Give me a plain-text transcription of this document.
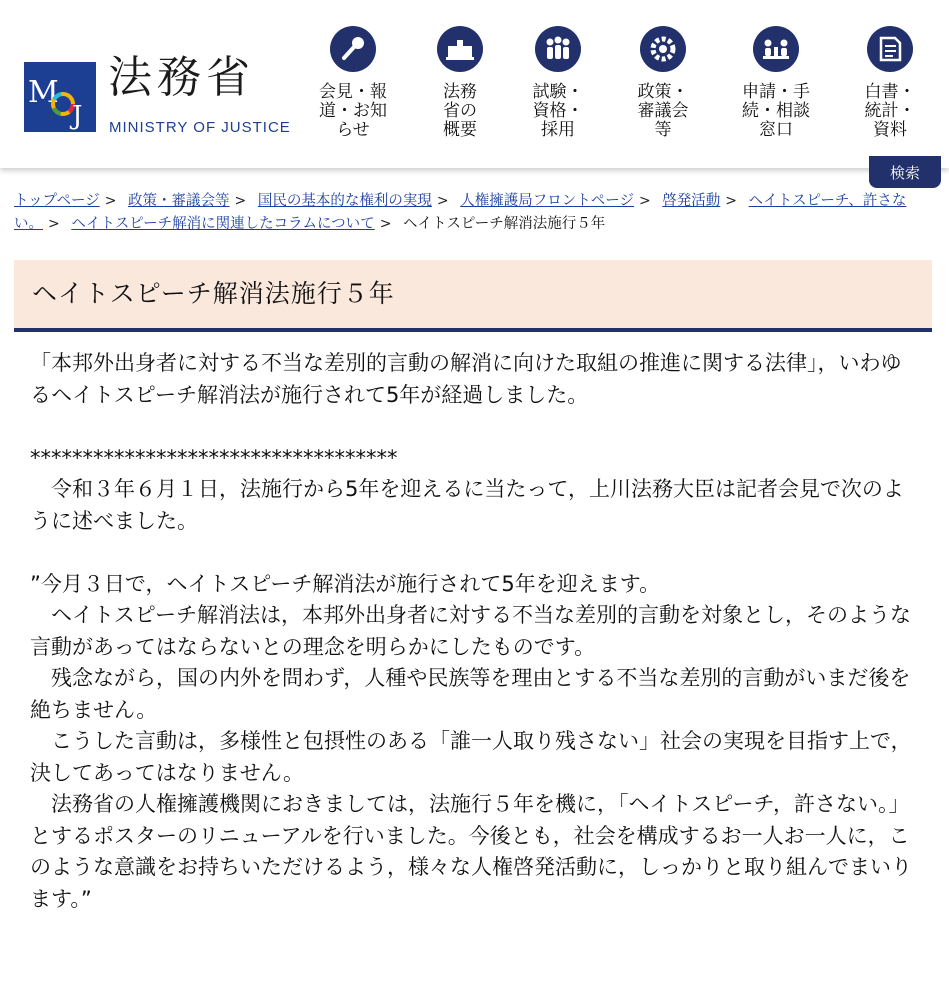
M
J
法務省
MINISTRY OF JUSTICE
会見・報
道・お知
らせ
法務
省の
概要
試験・
資格・
採用
政策・
審議会
等
申請・手
続・相談
窓口
白書・
統計・
資料
検索
トップページ > 政策・審議会等 > 国民の基本的な権利の実現 > 人権擁護局フロントページ > 啓発活動 > ヘイトスピーチ、許さない。 > ヘイトスピーチ解消に関連したコラムについて > ヘイトスピーチ解消法施行５年
ヘイトスピーチ解消法施行５年

「本邦外出身者に対する不当な差別的言動の解消に向けた取組の推進に関する法律」，いわゆるヘイトスピーチ解消法が施行されて5年が経過しました。

***********************************

令和３年６月１日，法施行から5年を迎えるに当たって，上川法務大臣は記者会見で次のように述べました。

”今月３日で，ヘイトスピーチ解消法が施行されて5年を迎えます。

ヘイトスピーチ解消法は，本邦外出身者に対する不当な差別的言動を対象とし，そのような言動があってはならないとの理念を明らかにしたものです。

残念ながら，国の内外を問わず，人種や民族等を理由とする不当な差別的言動がいまだ後を絶ちません。

こうした言動は，多様性と包摂性のある「誰一人取り残さない」社会の実現を目指す上で，決してあってはなりません。

法務省の人権擁護機関におきましては，法施行５年を機に，「ヘイトスピーチ，許さない。」とするポスターのリニューアルを行いました。今後とも，社会を構成するお一人お一人に，このような意識をお持ちいただけるよう，様々な人権啓発活動に，しっかりと取り組んでまいります。”
